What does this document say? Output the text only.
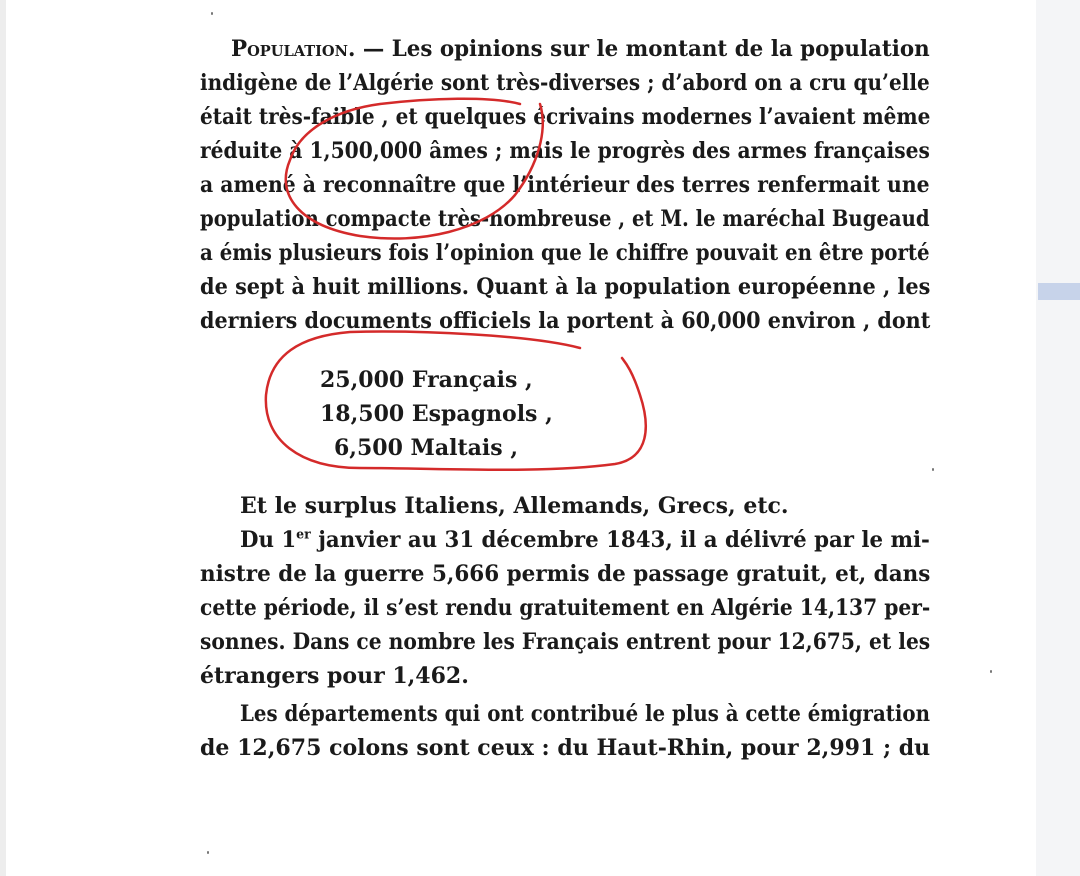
Population. — Les opinions sur le montant de la population
indigène de l’Algérie sont très-diverses ; d’abord on a cru qu’elle
était très-faible , et quelques écrivains modernes l’avaient même
réduite à 1,500,000 âmes ; mais le progrès des armes françaises
a amené à reconnaître que l’intérieur des terres renfermait une
population compacte très-nombreuse , et M. le maréchal Bugeaud
a émis plusieurs fois l’opinion que le chiffre pouvait en être porté
de sept à huit millions. Quant à la population européenne , les
derniers documents officiels la portent à 60,000 environ , dont
25,000 Français ,
18,500 Espagnols ,
6,500 Maltais ,
Et le surplus Italiens, Allemands, Grecs, etc.
Du 1er janvier au 31 décembre 1843, il a délivré par le mi-
nistre de la guerre 5,666 permis de passage gratuit, et, dans
cette période, il s’est rendu gratuitement en Algérie 14,137 per-
sonnes. Dans ce nombre les Français entrent pour 12,675, et les
étrangers pour 1,462.
Les départements qui ont contribué le plus à cette émigration
de 12,675 colons sont ceux : du Haut-Rhin, pour 2,991 ; du
